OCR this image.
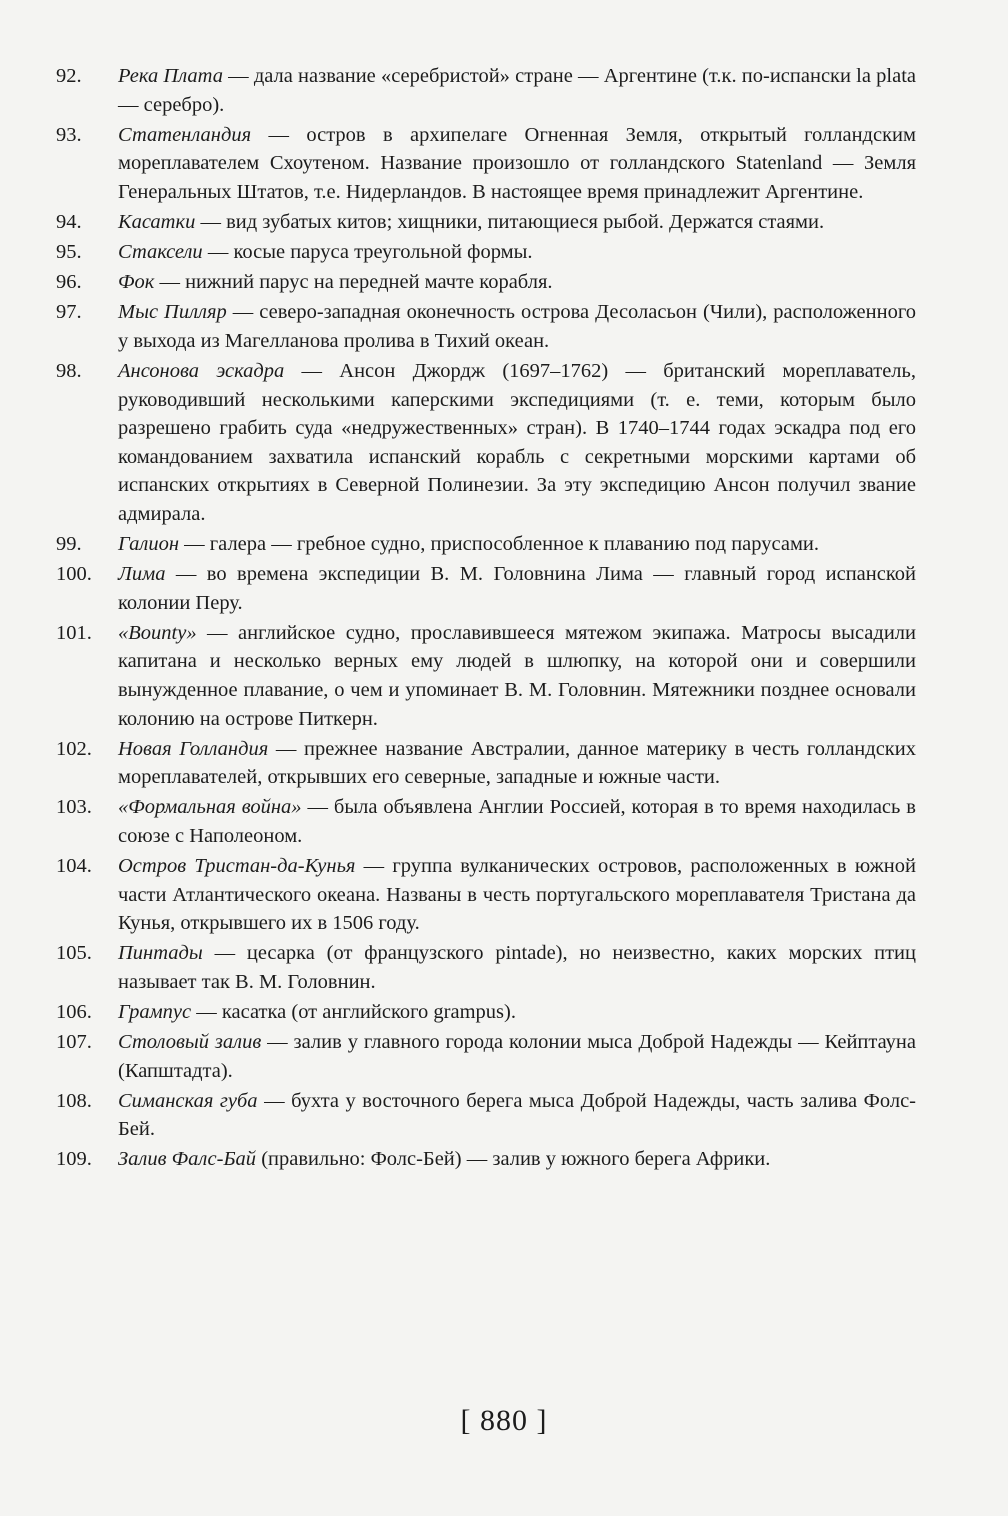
92.	Река Плата — дала название «серебристой» стране — Аргентине (т.к. по-испански la plata — серебро).
93.	Статенландия — остров в архипелаге Огненная Земля, открытый голландским мореплавателем Схоутеном. Название произошло от голландского Statenland — Земля Генеральных Штатов, т.е. Нидерландов. В настоящее время принадлежит Аргентине.
94.	Касатки — вид зубатых китов; хищники, питающиеся рыбой. Держатся стаями.
95.	Стаксели — косые паруса треугольной формы.
96.	Фок — нижний парус на передней мачте корабля.
97.	Мыс Пилляр — северо-западная оконечность острова Десоласьон (Чили), расположенного у выхода из Магелланова пролива в Тихий океан.
98.	Ансонова эскадра — Ансон Джордж (1697–1762) — британский мореплаватель, руководивший несколькими каперскими экспедициями (т. е. теми, которым было разрешено грабить суда «недружественных» стран). В 1740–1744 годах эскадра под его командованием захватила испанский корабль с секретными морскими картами об испанских открытиях в Северной Полинезии. За эту экспедицию Ансон получил звание адмирала.
99.	Галион — галера — гребное судно, приспособленное к плаванию под парусами.
100.	Лима — во времена экспедиции В. М. Головнина Лима — главный город испанской колонии Перу.
101.	«Bounty» — английское судно, прославившееся мятежом экипажа. Матросы высадили капитана и несколько верных ему людей в шлюпку, на которой они и совершили вынужденное плавание, о чем и упоминает В. М. Головнин. Мятежники позднее основали колонию на острове Питкерн.
102.	Новая Голландия — прежнее название Австралии, данное материку в честь голландских мореплавателей, открывших его северные, западные и южные части.
103.	«Формальная война» — была объявлена Англии Россией, которая в то время находилась в союзе с Наполеоном.
104.	Остров Тристан-да-Кунья — группа вулканических островов, расположенных в южной части Атлантического океана. Названы в честь португальского мореплавателя Тристана да Кунья, открывшего их в 1506 году.
105.	Пинтады — цесарка (от французского pintade), но неизвестно, каких морских птиц называет так В. М. Головнин.
106.	Грампус — касатка (от английского grampus).
107.	Столовый залив — залив у главного города колонии мыса Доброй Надежды — Кейптауна (Капштадта).
108.	Симанская губа — бухта у восточного берега мыса Доброй Надежды, часть залива Фолс-Бей.
109.	Залив Фалс-Бай (правильно: Фолс-Бей) — залив у южного берега Африки.
[ 880 ]
